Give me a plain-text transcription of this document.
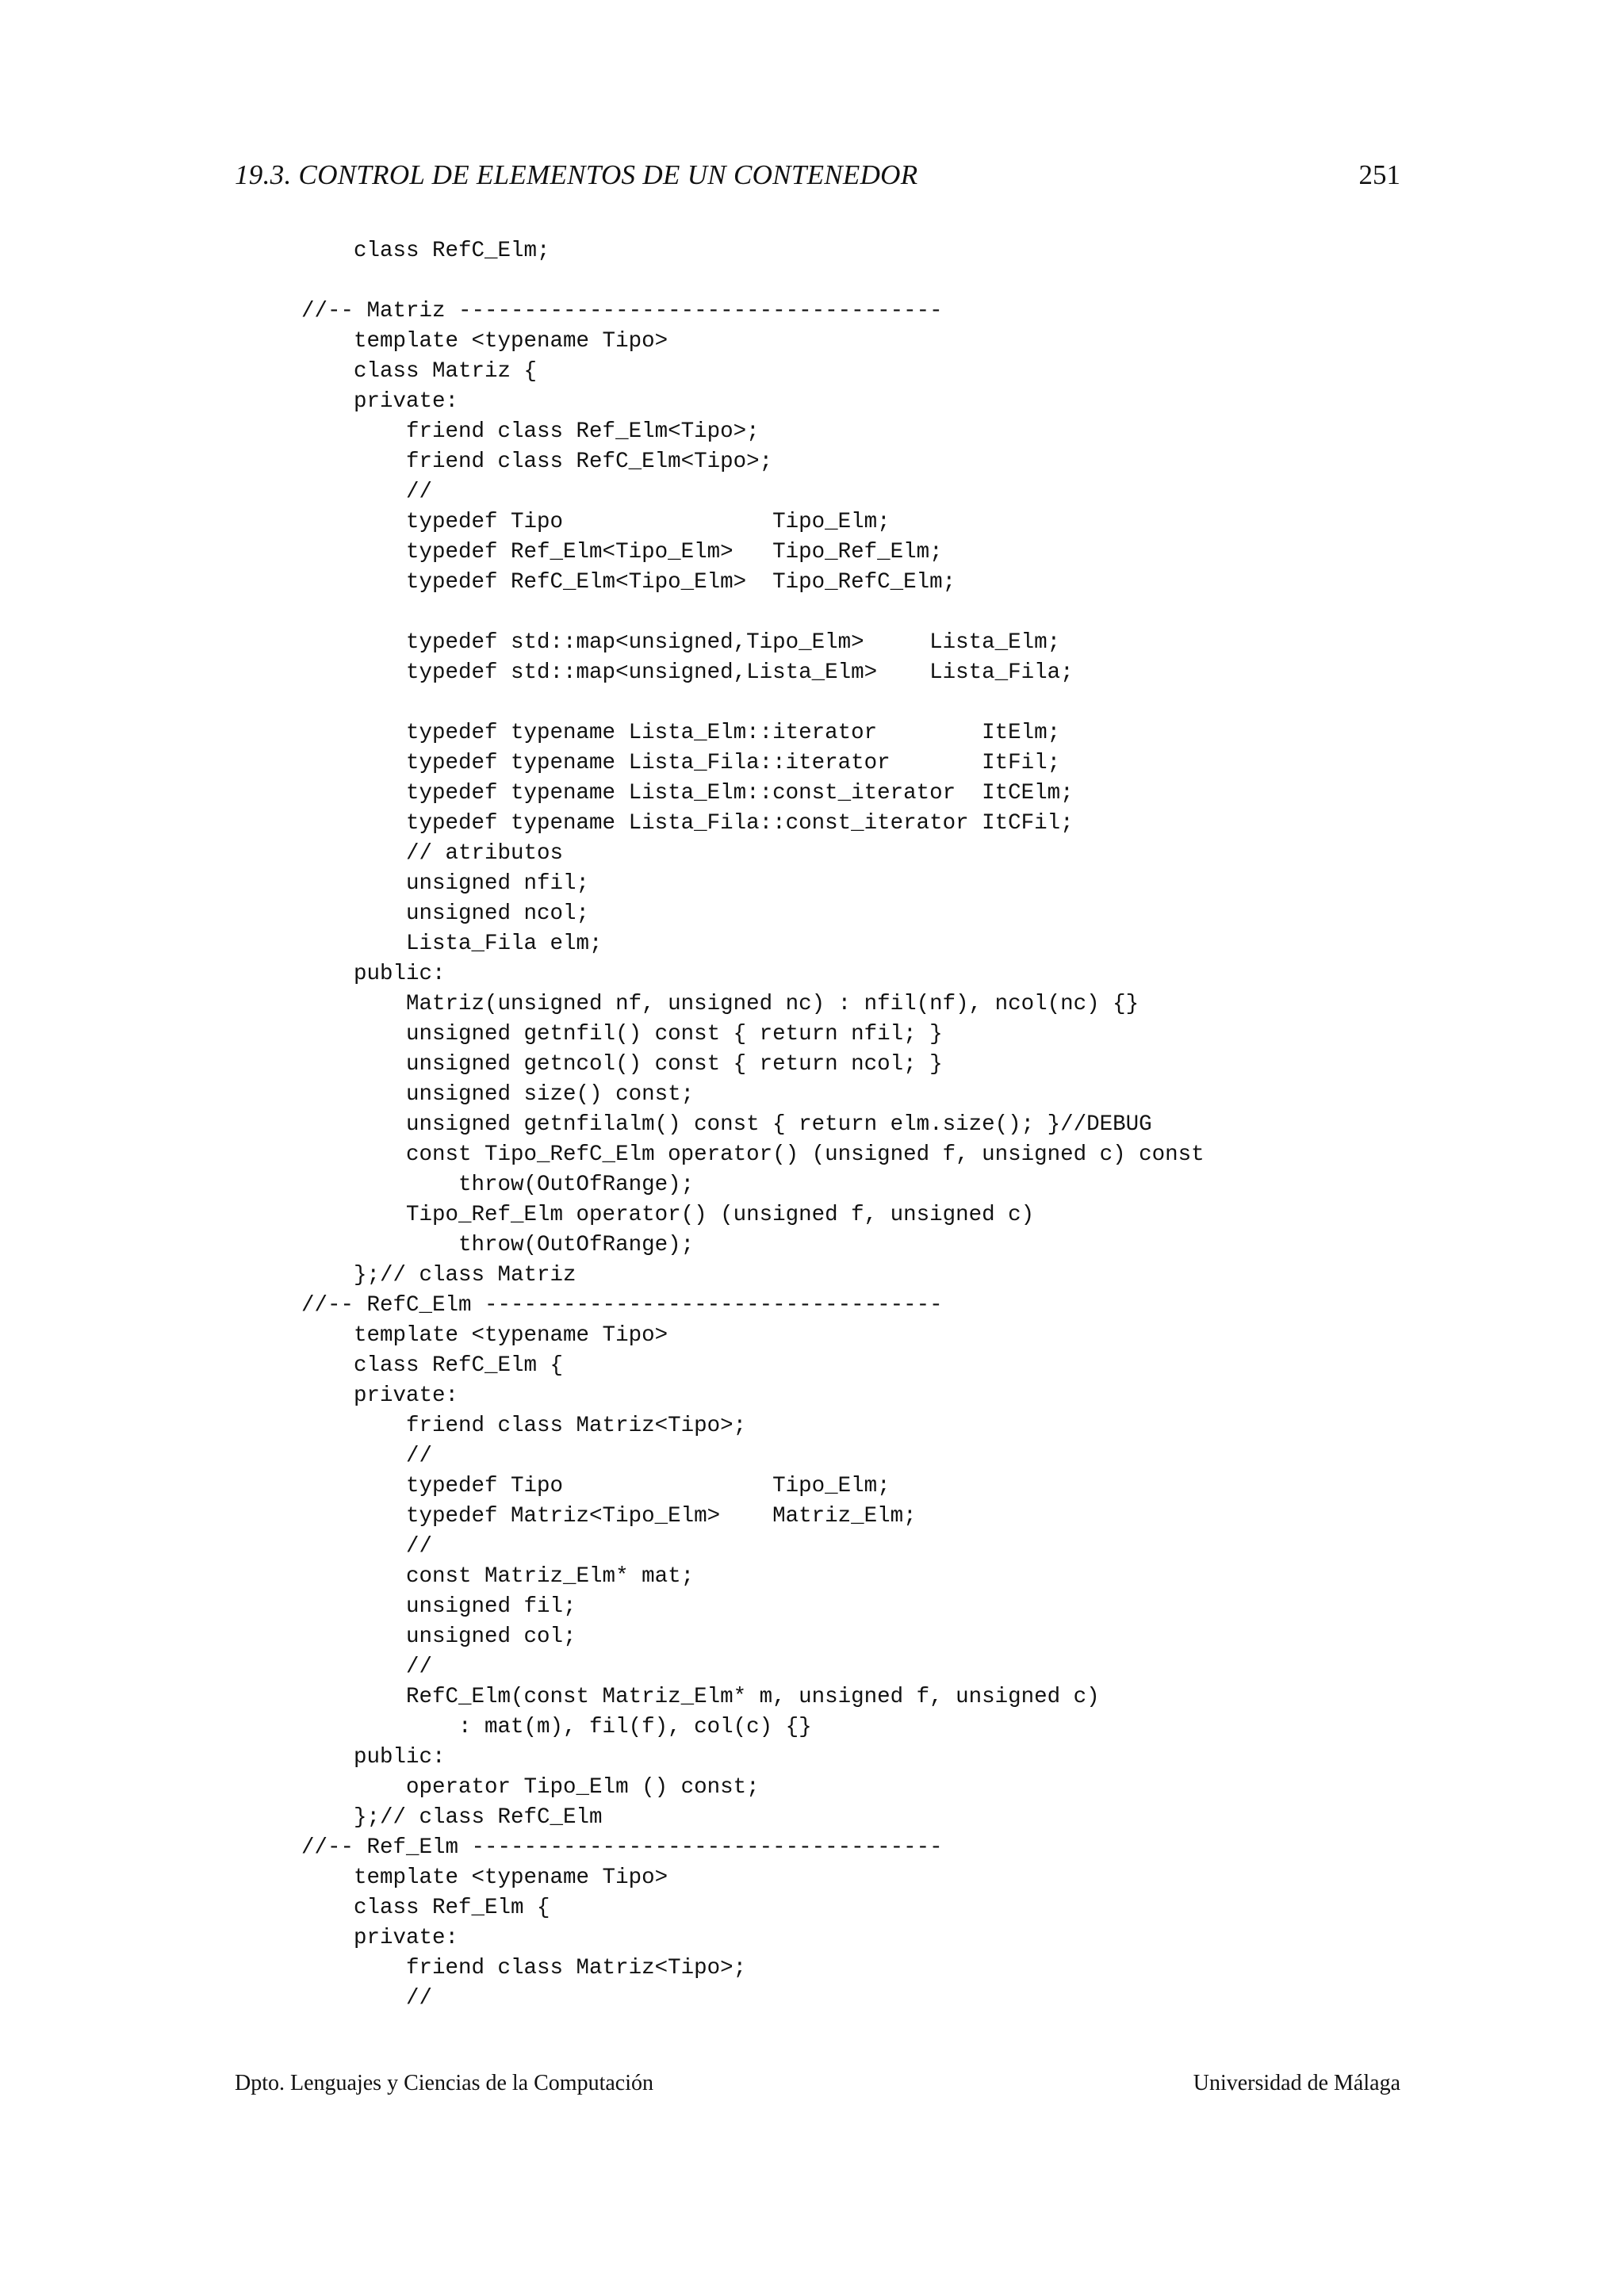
19.3. CONTROL DE ELEMENTOS DE UN CONTENEDOR	251
class RefC_Elm;
//-- Matriz -------------------------------------
template <typename Tipo>
class Matriz {
private:
friend class Ref_Elm<Tipo>;
friend class RefC_Elm<Tipo>;
//
typedef Tipo                Tipo_Elm;
typedef Ref_Elm<Tipo_Elm>   Tipo_Ref_Elm;
typedef RefC_Elm<Tipo_Elm>  Tipo_RefC_Elm;
typedef std::map<unsigned,Tipo_Elm>     Lista_Elm;
typedef std::map<unsigned,Lista_Elm>    Lista_Fila;
typedef typename Lista_Elm::iterator        ItElm;
typedef typename Lista_Fila::iterator       ItFil;
typedef typename Lista_Elm::const_iterator  ItCElm;
typedef typename Lista_Fila::const_iterator ItCFil;
// atributos
unsigned nfil;
unsigned ncol;
Lista_Fila elm;
public:
Matriz(unsigned nf, unsigned nc) : nfil(nf), ncol(nc) {}
unsigned getnfil() const { return nfil; }
unsigned getncol() const { return ncol; }
unsigned size() const;
unsigned getnfilalm() const { return elm.size(); }//DEBUG
const Tipo_RefC_Elm operator() (unsigned f, unsigned c) const
throw(OutOfRange);
Tipo_Ref_Elm operator() (unsigned f, unsigned c)
throw(OutOfRange);
};// class Matriz
//-- RefC_Elm -----------------------------------
template <typename Tipo>
class RefC_Elm {
private:
friend class Matriz<Tipo>;
//
typedef Tipo                Tipo_Elm;
typedef Matriz<Tipo_Elm>    Matriz_Elm;
//
const Matriz_Elm* mat;
unsigned fil;
unsigned col;
//
RefC_Elm(const Matriz_Elm* m, unsigned f, unsigned c)
: mat(m), fil(f), col(c) {}
public:
operator Tipo_Elm () const;
};// class RefC_Elm
//-- Ref_Elm ------------------------------------
template <typename Tipo>
class Ref_Elm {
private:
friend class Matriz<Tipo>;
//
Dpto. Lenguajes y Ciencias de la Computación	Universidad de Málaga
